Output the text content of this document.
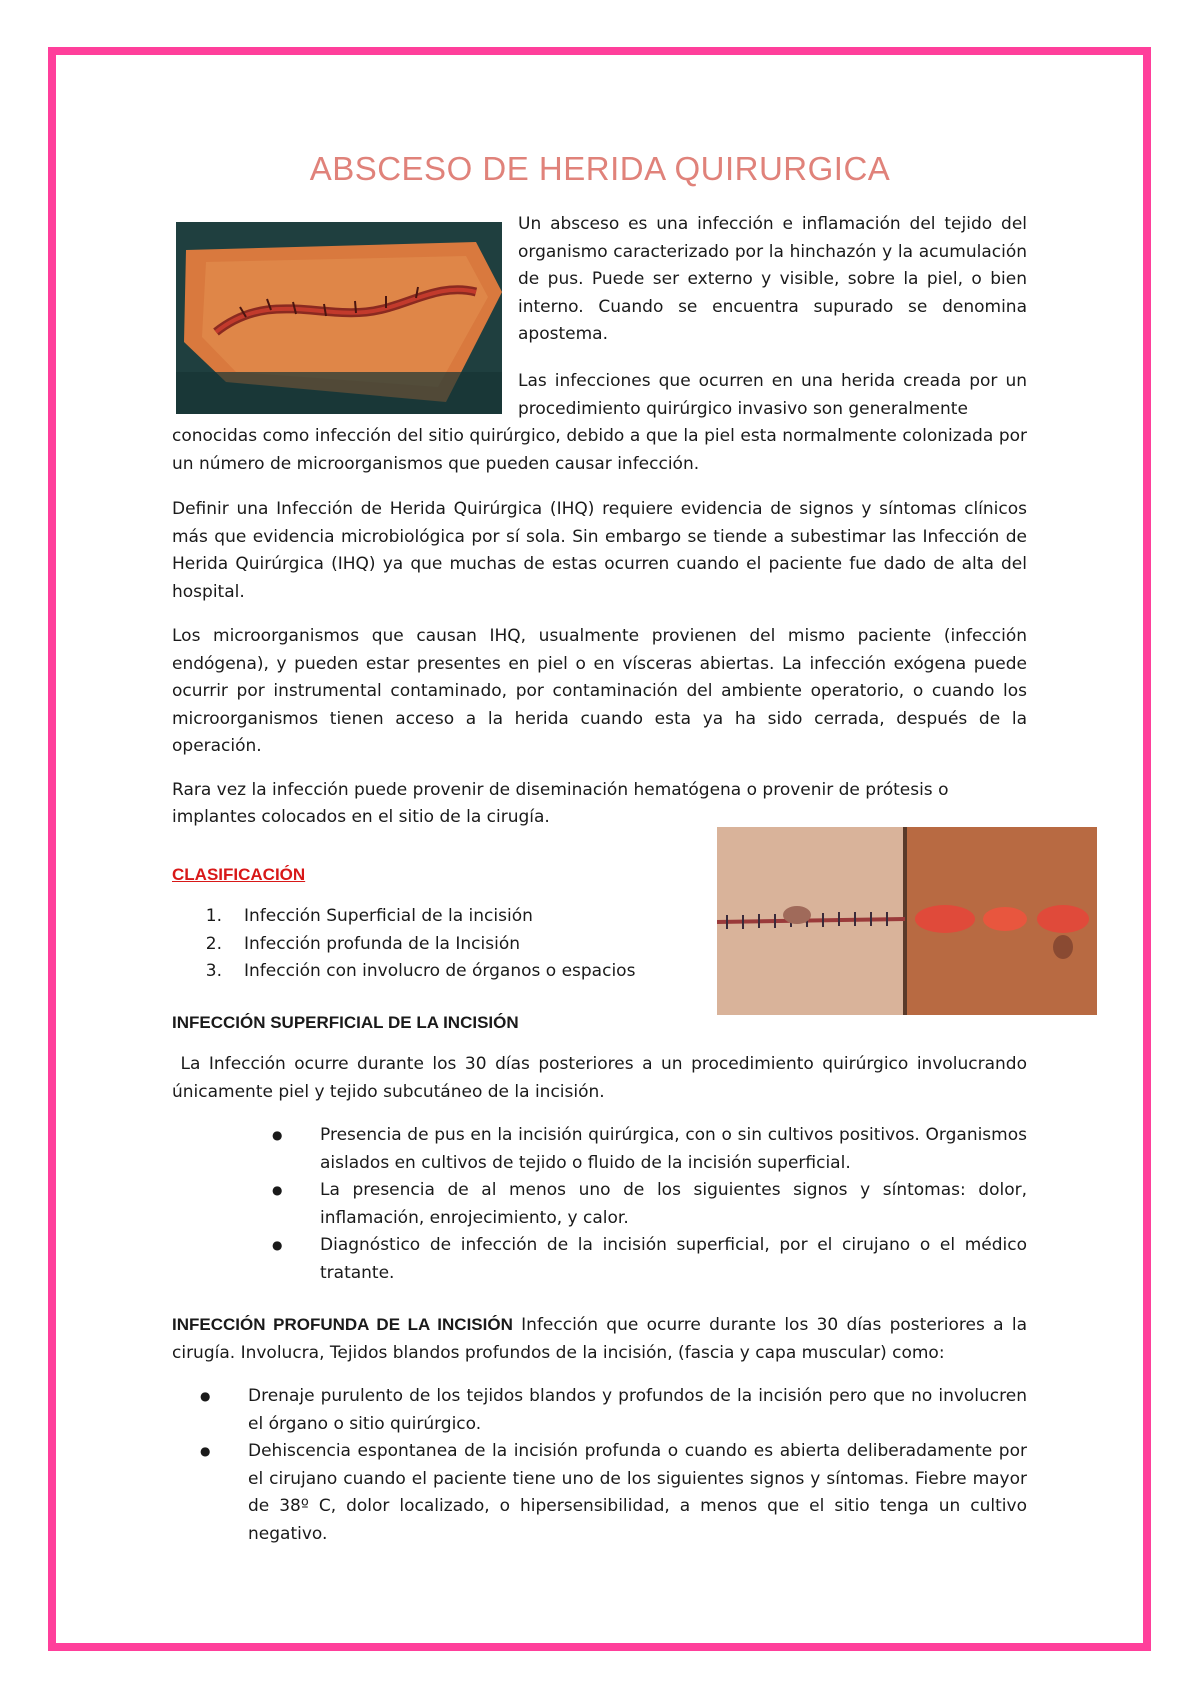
ABSCESO DE HERIDA QUIRURGICA

Un absceso es una infección e inflamación del tejido del organismo caracterizado por la hinchazón y la acumulación de pus. Puede ser externo y visible, sobre la piel, o bien interno. Cuando se encuentra supurado se denomina apostema.

Las infecciones que ocurren en una herida creada por un procedimiento quirúrgico invasivo son generalmente

conocidas como infección del sitio quirúrgico, debido a que la piel esta normalmente colonizada por un número de microorganismos que pueden causar infección.

Definir una Infección de Herida Quirúrgica (IHQ) requiere evidencia de signos y síntomas clínicos más que evidencia microbiológica por sí sola. Sin embargo se tiende a subestimar las Infección de Herida Quirúrgica (IHQ) ya que muchas de estas ocurren cuando el paciente fue dado de alta del hospital.

Los microorganismos que causan IHQ, usualmente provienen del mismo paciente (infección endógena), y pueden estar presentes en piel o en vísceras abiertas. La infección exógena puede ocurrir por instrumental contaminado, por contaminación del ambiente operatorio, o cuando los microorganismos tienen acceso a la herida cuando esta ya ha sido cerrada, después de la operación.

Rara vez la infección puede provenir de diseminación hematógena o provenir de prótesis o

implantes colocados en el sitio de la cirugía.

CLASIFICACIÓN
1.	Infección Superficial de la incisión
2.	Infección profunda de la Incisión
3.	Infección con involucro de órganos o espacios
INFECCIÓN SUPERFICIAL DE LA INCISIÓN

La Infección ocurre durante los 30 días posteriores a un procedimiento quirúrgico involucrando únicamente piel y tejido subcutáneo de la incisión.

●	Presencia de pus en la incisión quirúrgica, con o sin cultivos positivos. Organismos aislados en cultivos de tejido o fluido de la incisión superficial.
●	La presencia de al menos uno de los siguientes signos y síntomas: dolor, inflamación, enrojecimiento, y calor.
●	Diagnóstico de infección de la incisión superficial, por el cirujano o el médico tratante.

INFECCIÓN PROFUNDA DE LA INCISIÓN Infección que ocurre durante los 30 días posteriores a la cirugía. Involucra, Tejidos blandos profundos de la incisión, (fascia y capa muscular) como:

●	Drenaje purulento de los tejidos blandos y profundos de la incisión pero que no involucren el órgano o sitio quirúrgico.
●	Dehiscencia espontanea de la incisión profunda o cuando es abierta deliberadamente por el cirujano cuando el paciente tiene uno de los siguientes signos y síntomas. Fiebre mayor de 38º C, dolor localizado, o hipersensibilidad, a menos que el sitio tenga un cultivo negativo.
